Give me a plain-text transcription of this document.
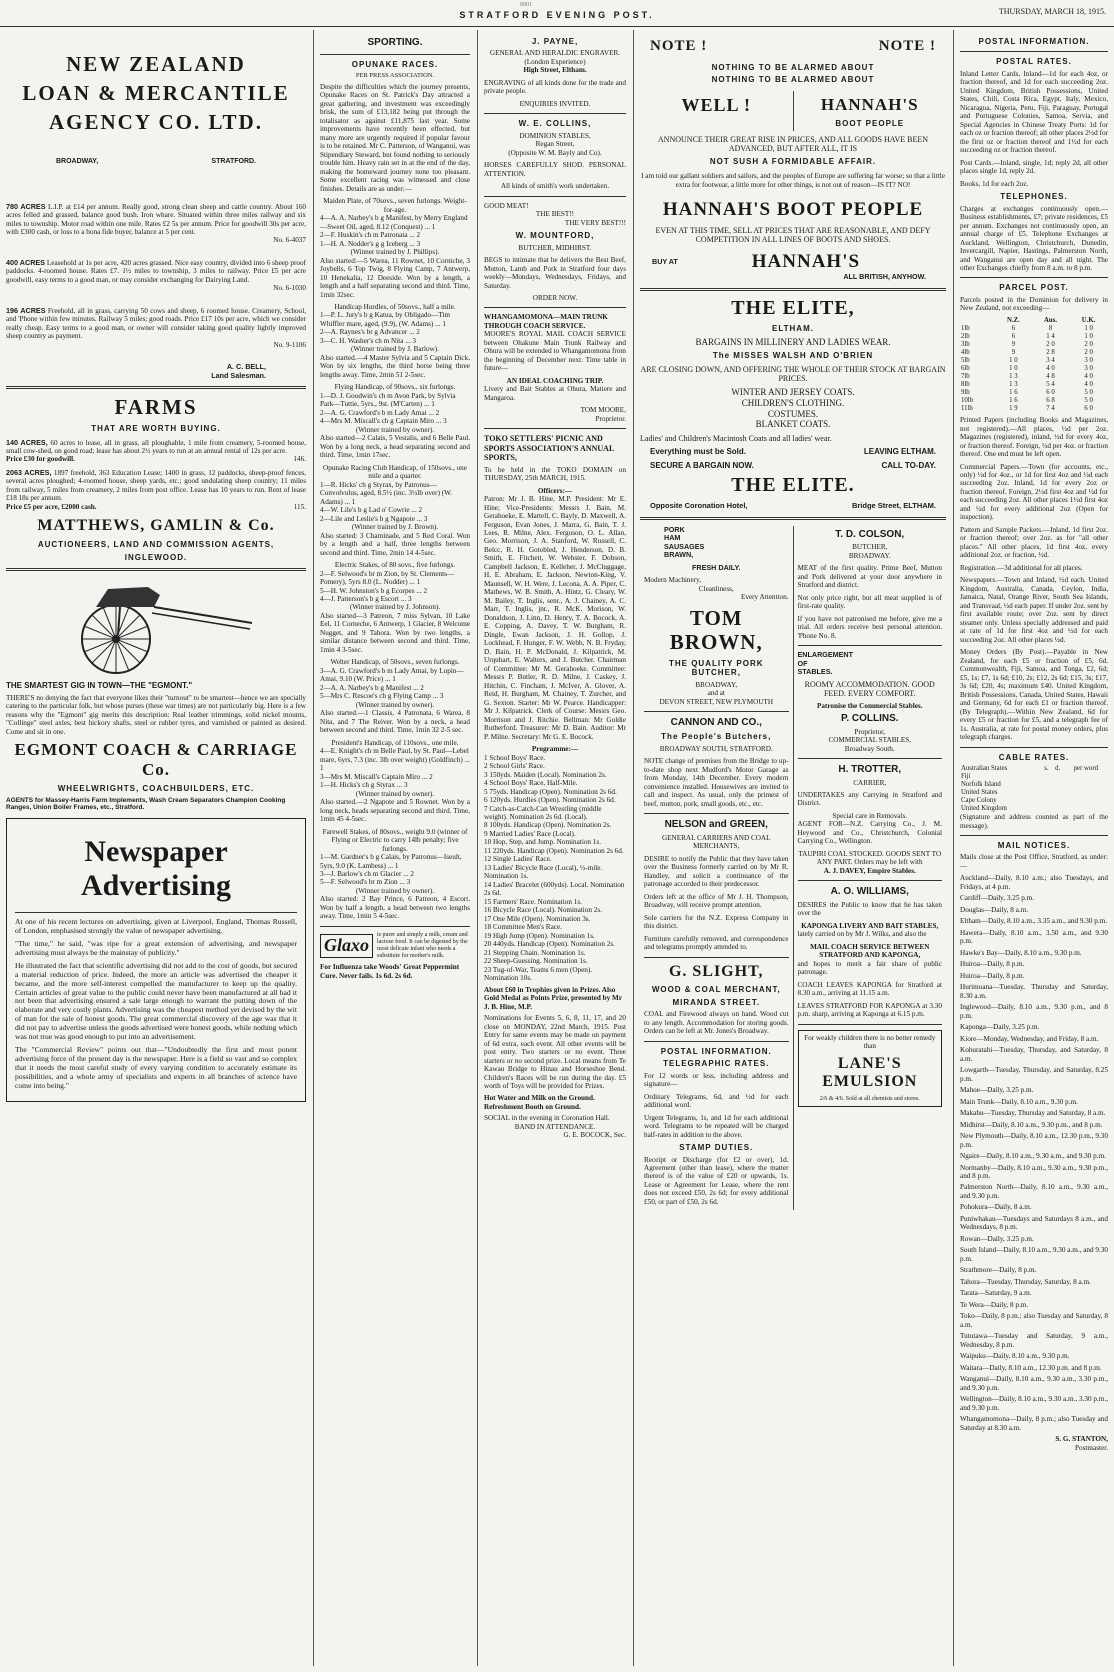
0001
STRATFORD EVENING POST.	THURSDAY, MARCH 18, 1915.
NEW ZEALAND
LOAN & MERCANTILE
AGENCY CO. LTD.
BROADWAY,	STRATFORD.
780 ACRES L.I.P. at £14 per annum. Really good, strong clean sheep and cattle country. About 160 acres felled and grassed, balance good bush. Iron whare. Situated within three miles railway and six miles to township. Motor road within one mile. Rates £2 5s per annum. Price for goodwill 30s per acre, with £300 cash, or loss to a bona fide buyer, balance at 5 per cent.
No. 6-4037
400 ACRES Leasehold at 1s per acre, 420 acres grassed. Nice easy country, divided into 6 sheep proof paddocks. 4-roomed house. Rates £7. 1½ miles to township, 3 miles to railway. Price £5 per acre goodwill, easy terms to a good man, or may consider exchanging for Dairying Land.
No. 6-1030
196 ACRES Freehold, all in grass, carrying 50 cows and sheep, 6 roomed house. Creamery, School, and 'Phone within few minutes. Railway 5 miles; good roads. Price £17 10s per acre, which we consider really cheap. Easy terms to a good man, or owner will consider taking good quality lightly improved sheep country as payment.
No. 9-1106
A. C. BELL,
Land Salesman.
FARMS
THAT ARE WORTH BUYING.
140 ACRES, 60 acres to lease, all in grass, all ploughable, 1 mile from creamery, 5-roomed house, small cow-shed, on good road; lease has about 2½ years to run at an annual rental of 12s per acre.
Price £30 for goodwill.	146.
2063 ACRES, 1897 freehold, 363 Education Lease; 1400 in grass, 12 paddocks, sheep-proof fences, several acres ploughed; 4-roomed house, sheep yards, etc.; good undulating sheep country; 11 miles from railway, 5 miles from creamery, 2 miles from post office. Lease has 10 years to run. Rent of lease £18 18s per annum.
Price £5 per acre, £2000 cash.	115.
MATTHEWS, GAMLIN & Co.
AUCTIONEERS, LAND AND COMMISSION AGENTS,
INGLEWOOD.
THE SMARTEST GIG IN TOWN—THE "EGMONT."
THERE'S no denying the fact that everyone likes their "turnout" to be smartest—hence we are specially catering to the particular folk, but whose purses (these war times) are not particularly big. Here is a few reasons why the "Egmont" gig merits this description: Real leather trimmings, solid nickel mounts, "Collinge" steel axles, best hickory shafts, steel or rubber tyres, and varnished or painted as desired. Come and sit in one.
EGMONT COACH & CARRIAGE Co.
WHEELWRIGHTS, COACHBUILDERS, ETC.
AGENTS for Massey-Harris Farm Implements, Wash Cream Separators Champion Cooking Ranges, Union Boiler Frames, etc., Stratford.
Newspaper
Advertising
At one of his recent lectures on advertising, given at Liverpool, England, Thomas Russell, of London, emphasised strongly the value of newspaper advertising.
"The time," he said, "was ripe for a great extension of advertising, and newspaper advertising must always be the mainstay of publicity."
He illustrated the fact that scientific advertising did not add to the cost of goods, but secured a material reduction of price. Indeed, the more an article was advertised the cheaper it became, and the more self-interest compelled the manufacturer to keep up the quality. Certain articles of great value to the public could never have been manufactured at all had it not been that advertising ensured a sale large enough to warrant the putting down of the elaborate and very costly plants. Advertising was the cheapest method yet devised by the wit of man for the sale of honest goods. The great commercial discovery of the age was that it did not pay to advertise unless the goods advertised were honest goods, while nothing which was not true was good enough to put into an advertisement.
The "Commercial Review" points out that—"Undoubtedly the first and most potent advertising force of the present day is the newspaper. Here is a field so vast and so complex that it needs the most careful study of every varying condition to accurately estimate its possibilities, and a whole army of specialists and experts in all branches of science have come into being."
SPORTING.
OPUNAKE RACES.
PER PRESS ASSOCIATION.
Despite the difficulties which the journey presents, Opunake Races on St. Patrick's Day attracted a great gathering, and investment was exceedingly brisk, the sum of £13,182 being put through the totalisator as against £11,875 last year. Some improvements have recently been effected, but many more are urgently required if popular favour is to be retained. Mr C. Patterson, of Wanganui, was Stipendiary Steward, but found nothing to seriously trouble him. Heavy rain set in at the end of the day, making the homeward journey none too pleasant. Some excellent racing was witnessed and close finishes. Details are as under:—
Maiden Plate, of 70sovs., seven furlongs. Weight-for-age.
4—A. A. Narbey's b g Manifest, by Merry England—Sweet Oil, aged, 8.12 (Conquest) ... 1
2—F. Huskin's ch m Patronata ... 2
1—H. A. Nodder's g g Iceberg ... 3
(Winner trained by J. Phillips).
Also started:—5 Warea, 11 Rownet, 10 Corniche, 3 Joybells, 6 Top Twig, 8 Flying Camp, 7 Antwerp, 10 Henekalia, 12 Deeside. Won by a length, a length and a half separating second and third. Time, 1min 32sec.
Handicap Hurdles, of 50sovs., half a mile.
1—P. L. Jury's b g Katua, by Obligado—Tim Whiffler mare, aged, (9.9), (W. Adams) ... 1
2—A. Raynes's br g Advancer ... 2
3—C. H. Washer's ch m Nita ... 3
(Winner trained by J. Barlow).
Also started.—4 Master Sylvia and 5 Captain Dick. Won by six lengths, the third horse being three lengths away. Time, 2min 51 2-5sec.
Flying Handicap, of 90sovs., six furlongs.
1—D. J. Goodwin's ch m Avon Park, by Sylvia Park—Tuttie, 5yrs., 9st. (M'Carten) ... 1
2—A. G. Crawford's b m Lady Amai ... 2
4—Mrs M. Miscall's ch g Captain Miro ... 3
(Winner trained by owner).
Also started—2 Calais, 5 Vestalis, and 6 Belle Paul. Won by a long neck, a head separating second and third. Time, 1min 17sec.
Opunake Racing Club Handicap, of 150sovs., one mile and a quarter.
1—R. Hicks' ch g Styrax, by Patronus—Convolvulus, aged, 8.5½ (inc. 3½lb over) (W. Adams) ... 1
4—W. Lile's b g Lad o' Cowrie ... 2
2—Lile and Leslie's b g Ngapote ... 3
(Winner trained by J. Brown).
Also started: 3 Chaminade, and 5 Red Coral. Won by a length and a half, three lengths between second and third. Time, 2min 14 4-5sec.
Electric Stakes, of 80 sovs., five furlongs.
2—F. Selwood's br m Zion, by St. Clements—Pomery), 5yrs 8.0 (L. Nodder) ... 1
5—H. W. Johnston's b g Ecorpes ... 2
4—J. Patterson's b g Escort ... 3
(Winner trained by J. Johnson).
Also started—3 Patreon, 7 miss Sylvan, 10 Lake Eel, 11 Corneche, 6 Antwerp, 1 Glacier, 8 Welcome Nugget, and 9 Tahora. Won by two lengths, a similar distance between second and third. Time, 1min 4 3-5sec.
Welter Handicap, of 50sovs., seven furlongs.
3—A. G. Crawford's b m Lady Amai, by Lupin—Amai, 9.10 (W. Price) ... 1
2—A. A. Narbey's b g Manifest ... 2
5—Mrs C. Rescoe's ch g Flying Camp ... 3
(Winner trained by owner).
Also started.—1 Classis, 4 Patronata, 6 Warea, 8 Nita, and 7 The Reiver. Won by a neck, a head between second and third. Time, 1min 32 2-5 sec.
President's Handicap, of 110sovs., one mile.
4—E. Knight's ch m Belle Paul, by St. Paul—Lebel mare, 6yrs, 7.3 (inc. 3lb over weight) (Goldfinch) ... 1
3—Mrs M. Miscall's Captain Miro ... 2
1—H. Hicks's ch g Styrax ... 3
(Winner trained by owner).
Also started.—2 Ngapote and 5 Rownet. Won by a long neck, heads separating second and third. Time, 1min 45 4-5sec.
Farewell Stakes, of 80sovs., weight 9.0 (winner of Flying or Electric to carry 14lb penalty; five furlongs.
1—M. Gardner's b g Calais, by Patronus—Iseult, 5yrs, 9.0 (K. Lambess) ... 1
3—J. Barlow's ch m Glacier ... 2
5—F. Selwood's br m Zion ... 3
(Winner trained by owner).
Also started: 2 Bay Prince, 6 Patreon, 4 Escort. Won by half a length, a head between two lengths away. Time, 1min 5 4-5sec.
Glaxo
is purer and simply a milk, cream and lactose food. It can be digested by the most delicate infant who needs a substitute for mother's milk.
For Influenza take Woods' Great Peppermint Cure. Never fails. 1s 6d. 2s 6d.
J. PAYNE,
GENERAL AND HERALDIC ENGRAVER.
(London Experience)
High Street, Eltham.
ENGRAVING of all kinds done for the trade and private people.
ENQUIRIES INVITED.
W. E. COLLINS,
DOMINION STABLES,
Regan Street,
(Opposite W. M. Bayly and Co).
HORSES CAREFULLY SHOD. PERSONAL ATTENTION.
All kinds of smith's work undertaken.
GOOD MEAT!
THE BEST!!
THE VERY BEST!!!
W. MOUNTFORD,
BUTCHER, MIDHIRST.
BEGS to intimate that he delivers the Best Beef, Mutton, Lamb and Pork in Stratford four days weekly—Mondays, Wednesdays, Fridays, and Saturday.
ORDER NOW.
WHANGAMOMONA—MAIN TRUNK THROUGH COACH SERVICE.
MOORE'S ROYAL MAIL COACH SERVICE between Ohakune Main Trunk Railway and Ohura will be extended to Whangamomona from the beginning of December next. Time table in future—
AN IDEAL COACHING TRIP.
Livery and Bait Stables at Ohura, Matiere and Mangaroa.
TOM MOORE,
Proprietor.
TOKO SETTLERS' PICNIC AND SPORTS ASSOCIATION'S ANNUAL SPORTS,
To be held in the TOKO DOMAIN on THURSDAY, 25th MARCH, 1915.
Officers:—
Patron: Mr J. B. Hine, M.P. President: Mr E. Hine; Vice-Presidents: Messrs J. Bain, M. Gerahoeke, E. Martell, C. Bayly, D. Maxwell, A. Ferguson, Evan Jones, J. Marra, G. Bain, T. J. Lees, R. Milne, Alex. Ferguson, O. L. Allan, Geo. Morrison, J. A. Stanford, W. Russell, C. Belcc, R. H. Gotobled, J. Henderson, D. B. Smith, E. Fitchett, W. Webster, F. Dobson, Campbell Jackson, E. Kelleher, J. McCluggage, H. E. Abraham, E. Jackson, Newton-King, V. Maunsell, W. H. Were, J. Lecona, A. A. Piper, C. Mathews, W. B. Smith, A. Hintz, G. Cleary, W. M. Bailey, T. Inglis, senr., A. J. Chainey, A. C. Marr, T. Inglis, jnr., R. McK. Morison, W. Donaldson, J. Linn, D. Henry, T. A. Bocock, A. E. Copping, A. Davey, T. W. Burgham, R. Dingle, Ewan Jackson, J. H. Gollop, J. Lockhead, F. Hunger, F. W. Webb, N. B. Fryday, D. Bain, H. P. McDonald, J. Kilpatrick, M. Urquhart, E. Walters, and J. Butcher. Chairman of Committee: Mr M. Gerahoeke. Committee: Messrs P. Butler, R. D. Milne, J. Caskey, J. Hitchin, C. Fincham, J. McIver, A. Glover, A. Reid, H. Burgham, M. Chainey, T. Zurcher, and G. Sexton. Starter: Mr W. Pearce. Handicapper: Mr J. Kilpatrick. Clerk of Course: Messrs Geo. Morrison and J. Ritchie. Bellman: Mr Goldie Rutherford. Treasurer: Mr D. Bain. Auditor: Mr P. Milne. Secretary: Mr G. E. Bocock.
Programme:—
1 School Boys' Race.
2 School Girls' Race.
3 150yds. Maiden (Local). Nomination 2s.
4 School Boys' Race, Half-Mile.
5 75yds. Handicap (Open). Nomination 2s 6d.
6 120yds. Hurdles (Open). Nomination 2s 6d.
7 Catch-as-Catch-Can Wrestling (middle weight). Nomination 2s 6d. (Local).
8 100yds. Handicap (Open). Nomination 2s.
9 Married Ladies' Race (Local).
10 Hop, Step, and Jump. Nomination 1s.
11 220yds. Handicap (Open). Nomination 2s 6d.
12 Single Ladies' Race.
13 Ladies' Bicycle Race (Local), ½-mile. Nomination 1s.
14 Ladies' Bracelet (600yds). Local. Nomination 2s 6d.
15 Farmers' Race. Nomination 1s.
16 Bicycle Race (Local). Nomination 2s.
17 One Mile (Open). Nomination 3s.
18 Committee Men's Race.
19 High Jump (Open). Nomination 1s.
20 440yds. Handicap (Open). Nomination 2s.
21 Stepping Chain. Nomination 1s.
22 Sheep-Guessing. Nomination 1s.
23 Tug-of-War, Teams 6 men (Open). Nomination 10s.
About £60 in Trophies given in Prizes. Also Gold Medal as Points Prize, presented by Mr J. B. Hine, M.P.
Nominations for Events 5, 6, 8, 11, 17, and 20 close on MONDAY, 22nd March, 1915. Post Entry for same events may be made on payment of 6d extra, each event. All other events will be post entry. Two starters or no event. Three starters or no second prize. Local means from Te Kawau Bridge to Hinau and Horseshoe Bend. Children's Races will be run during the day. £5 worth of Toys will be provided for Prizes.
Hot Water and Milk on the Ground. Refreshment Booth on Ground.
SOCIAL in the evening in Coronation Hall.
BAND IN ATTENDANCE.
G. E. BOCOCK, Sec.
NOTE !	NOTE !
NOTHING TO BE ALARMED ABOUT
NOTHING TO BE ALARMED ABOUT
WELL !	HANNAH'S
BOOT PEOPLE
ANNOUNCE THEIR GREAT RISE IN PRICES, AND ALL GOODS HAVE BEEN ADVANCED, BUT AFTER ALL, IT IS
NOT SUSH A FORMIDABLE AFFAIR.
I am told our gallant soldiers and sailors, and the peoples of Europe are suffering far worse; so that a little extra for footwear, a little more for other things, is not out of reason—IS IT? NO!
HANNAH'S BOOT PEOPLE
EVEN AT THIS TIME, SELL AT PRICES THAT ARE REASONABLE, AND DEFY COMPETITION IN ALL LINES OF BOOTS AND SHOES.
BUY AT	HANNAH'S
ALL BRITISH, ANYHOW.
THE ELITE,
ELTHAM.
BARGAINS IN MILLINERY AND LADIES WEAR.
The MISSES WALSH AND O'BRIEN
ARE CLOSING DOWN, AND OFFERING THE WHOLE OF THEIR STOCK AT BARGAIN PRICES.
WINTER AND JERSEY COATS.
CHILDREN'S CLOTHING.
COSTUMES.
BLANKET COATS.
Ladies' and Children's Macintosh Coats and all ladies' wear.
Everything must be Sold.	LEAVING ELTHAM.
SECURE A BARGAIN NOW.	CALL TO-DAY.
THE ELITE.
Opposite Coronation Hotel,	Bridge Street, ELTHAM.
PORK
HAM
SAUSAGES
BRAWN,
FRESH DAILY.
Modern Machinery,
Cleanliness,
Every Attention.
TOM BROWN,
THE QUALITY PORK BUTCHER,
BROADWAY,
and at
DEVON STREET, NEW PLYMOUTH
CANNON AND CO.,
The People's Butchers,
BROADWAY SOUTH, STRATFORD.
NOTE change of premises from the Bridge to up-to-date shop next Mudford's Motor Garage as from Monday, 14th December. Every modern convenience installed. Housewives are invited to call and inspect. As usual, only the primest of beef, mutton, pork, small goods, etc., etc.
NELSON and GREEN,
GENERAL CARRIERS AND COAL MERCHANTS,
DESIRE to notify the Public that they have taken over the Business formerly carried on by Mr R. Handley, and solicit a continuance of the patronage accorded to their predecessor.
Orders left at the office of Mr J. H. Thompson, Broadway, will receive prompt attention.
Sole carriers for the N.Z. Express Company in this district.
Furniture carefully removed, and correspondence and telegrams promptly attended to.
G. SLIGHT,
WOOD & COAL MERCHANT,
MIRANDA STREET.
COAL and Firewood always on hand. Wood cut to any length. Accommodation for storing goods. Orders can be left at Mr. Jones's Broadway.
POSTAL INFORMATION.
TELEGRAPHIC RATES.
For 12 words or less, including address and signature—
Ordinary Telegrams, 6d, and ½d for each additional word.
Urgent Telegrams, 1s, and 1d for each additional word. Telegrams to be repeated will be charged half-rates in addition to the above.
STAMP DUTIES.
Receipt or Discharge (for £2 or over), 1d. Agreement (other than lease), where the matter thereof is of the value of £20 or upwards, 1s. Lease or Agreement for Lease, where the rent does not exceed £50, 2s 6d; for every additional £50, or part of £50, 2s 6d.
T. D. COLSON,
BUTCHER,
BROADWAY.
MEAT of the first quality. Prime Beef, Mutton and Pork delivered at your door anywhere in Stratford and district.
Not only price right, but all meat supplied is of first-rate quality.
If you have not patronised me before, give me a trial. All orders receive best personal attention. 'Phone No. 8.
ENLARGEMENT
OF
STABLES.
ROOMY ACCOMMODATION. GOOD FEED. EVERY COMFORT.
Patronise the Commercial Stables.
P. COLLINS.
Proprietor,
COMMERCIAL STABLES,
Broadway South.
H. TROTTER,
CARRIER,
UNDERTAKES any Carrying in Stratford and District.
Special care in Removals.
AGENT FOR—N.Z. Carrying Co., J. M. Heywood and Co., Christchurch, Colonial Carrying Co., Wellington.
TAUPIRI COAL STOCKED. GOODS SENT TO ANY PART. Orders may be left with
A. J. DAVEY, Empire Stables.
A. O. WILLIAMS,
DESIRES the Public to know that he has taken over the
KAPONGA LIVERY AND BAIT STABLES,
lately carried on by Mr J. Wilks, and also the
MAIL COACH SERVICE BETWEEN STRATFORD AND KAPONGA,
and hopes to merit a fair share of public patronage.
COACH LEAVES KAPONGA for Stratford at 8.30 a.m., arriving at 11.15 a.m.
LEAVES STRATFORD FOR KAPONGA at 3.30 p.m. sharp, arriving at Kaponga at 6.15 p.m.
For weakly children there is no better remedy than
LANE'S EMULSION
2/6 & 4/6. Sold at all chemists and stores.
POSTAL INFORMATION.
POSTAL RATES.
Inland Letter Cards, Inland—1d for each 4oz, or fraction thereof, and 1d for each succeeding 2oz. United Kingdom, British Possessions, United States, Chili, Costa Rica, Egypt, Italy, Mexico, Nicaragua, Nigeria, Peru, Fiji, Paraguay, Portugal and Portuguese Colonies, Samoa, Servia, and Special Agencies in Chinese Treaty Ports: 1d for each oz or fraction thereof; all other places 2½d for the first oz or fraction thereof and 1½d for each succeeding oz or fraction thereof.
Post Cards.—Inland, single, 1d; reply 2d, all other places single 1d, reply 2d.
Books, 1d for each 2oz.
TELEPHONES.
Charges at exchanges continuously open.—Business establishments, £7; private residences, £5 per annum. Exchanges not continuously open, an annual charge of £5. Telephone Exchanges at Auckland, Wellington, Christchurch, Dunedin, Invercargill, Napier, Hastings, Palmerston North, and Wanganui are open day and all night. The other Exchanges chiefly from 8 a.m. to 8 p.m.
PARCEL POST.
Parcels posted in the Dominion for delivery in New Zealand, not exceeding—
	N.Z.	Aus.	U.K.
1lb	6	8	1 0
2lb	6	1 4	1 0
3lb	9	2 0	2 0
4lb	9	2 8	2 0
5lb	1 0	3 4	3 0
6lb	1 0	4 0	3 0
7lb	1 3	4 8	4 0
8lb	1 3	5 4	4 0
9lb	1 6	6 0	5 0
10lb	1 6	6 8	5 0
11lb	1 9	7 4	6 0
Printed Papers (including Books and Magazines, not registered).—All places, ½d per 2oz. Magazines (registered), inland, ½d for every 4oz, or fraction thereof. Foreign, ½d per 4oz. or fraction thereof. One end must be left open.
Commercial Papers.—Town (for accounts, etc., only) ½d for 4oz., or 1d for first 4oz and ½d each succeeding 2oz. Inland, 1d for every 2oz or fraction thereof. Foreign, 2½d first 4oz and ½d for each succeeding 2oz. All other places 1½d first 4oz and ½d for every additional 2oz (Open for inspection).
Pattern and Sample Packets.—Inland, 1d first 2oz. or fraction thereof; over 2oz. as for "all other places." All other places, 1d first 4oz, every additional 2oz. or fraction, ½d.
Registration.—3d additional for all places.
Newspapers.—Town and Inland, ½d each. United Kingdom, Australia, Canada, Ceylon, India, Jamaica, Natal, Orange River, South Sea Islands, and Transvaal, ½d each paper. If under 2oz. sent by first available route; over 2oz. sent by direct steamer only. Unless specially addressed and paid at rate of 1d for first 4oz and ½d for each succeeding 2oz. All other places ½d.
Money Orders (By Post).—Payable in New Zealand, for each £5 or fraction of £5, 6d. Commonwealth, Fiji, Samoa, and Tonga, £2, 6d; £5, 1s; £7, 1s 6d; £10, 2s; £12, 2s 6d; £15, 3s; £17, 3s 6d; £20, 4s; maximum £40. United Kingdom, British Possessions, Canada, United States, Hawaii and Germany, 6d for each £1 or fraction thereof. (By Telegraph).—Within New Zealand, 6d for every £5 or fraction for £5, and a telegraph fee of 1s. Australia, at rate for postal money orders, plus telegraph charges.
CABLE RATES.
Australian States	s.	d.	per word
Fiji			
Norfolk Island			
United States			
Cape Colony			
United Kingdom			
(Signature and address counted as part of the message).
MAIL NOTICES.
Mails close at the Post Office, Stratford, as under:—
Auckland—Daily, 8.10 a.m.; also Tuesdays, and Fridays, at 4 p.m.
Cardiff—Daily, 3.25 p.m.
Douglas—Daily, 8 a.m.
Eltham—Daily, 8.10 a.m., 3.35 a.m., and 9.30 p.m.
Hawera—Daily, 8.10 a.m., 3.50 a.m., and 9.30 p.m.
Hawke's Bay—Daily, 8.10 a.m., 9.30 p.m.
Huiroa—Daily, 8 p.m.
Huiroa—Daily, 8 p.m.
Hurimoana—Tuesday, Thursday and Saturday, 8.30 a.m.
Inglewood—Daily, 8.10 a.m., 9.30 p.m., and 8 p.m.
Kaponga—Daily, 3.25 p.m.
Kiore—Monday, Wednesday, and Friday, 8 a.m.
Kohuratahi—Tuesday, Thursday, and Saturday, 8 a.m.
Lowgarth—Tuesday, Thursday, and Saturday, 8.25 p.m.
Mahoe—Daily, 3.25 p.m.
Main Trunk—Daily, 8.10 a.m., 9.30 p.m.
Makahu—Tuesday, Thursday and Saturday, 8 a.m.
Midhirst—Daily, 8.10 a.m., 9.30 p.m., and 8 p.m.
New Plymouth—Daily, 8.10 a.m., 12.30 p.m., 9.30 p.m.
Ngaire—Daily, 8.10 a.m., 9.30 a.m., and 9.30 p.m.
Normanby—Daily, 8.10 a.m., 9.30 a.m., 9.30 p.m., and 8 p.m.
Palmerston North—Daily, 8.10 a.m., 9.30 a.m., and 9.30 p.m.
Pohokura—Daily, 8 a.m.
Puniwhakau—Tuesdays and Saturdays 8 a.m., and Wednesdays, 8 p.m.
Rowan—Daily, 3.25 p.m.
South Island—Daily, 8.10 a.m., 9.30 a.m., and 9.30 p.m.
Strathmore—Daily, 8 p.m.
Tahora—Tuesday, Thursday, Saturday, 8 a.m.
Tarata—Saturday, 9 a.m.
Te Wera—Daily, 8 p.m.
Toko—Daily, 8 p.m.; also Tuesday and Saturday, 8 a.m.
Tututawa—Tuesday and Saturday, 9 a.m., Wednesday, 8 p.m.
Waipuku—Daily, 8.10 a.m., 9.30 p.m.
Waitara—Daily, 8.10 a.m., 12.30 p.m. and 8 p.m.
Wanganui—Daily, 8.10 a.m., 9.30 a.m., 3.30 p.m., and 9.30 p.m.
Wellington—Daily, 8.10 a.m., 9.30 a.m., 3.30 p.m., and 9.30 p.m.
Whangamomona—Daily, 8 p.m.; also Tuesday and Saturday at 8.30 a.m.
S. G. STANTON,
Postmaster.
